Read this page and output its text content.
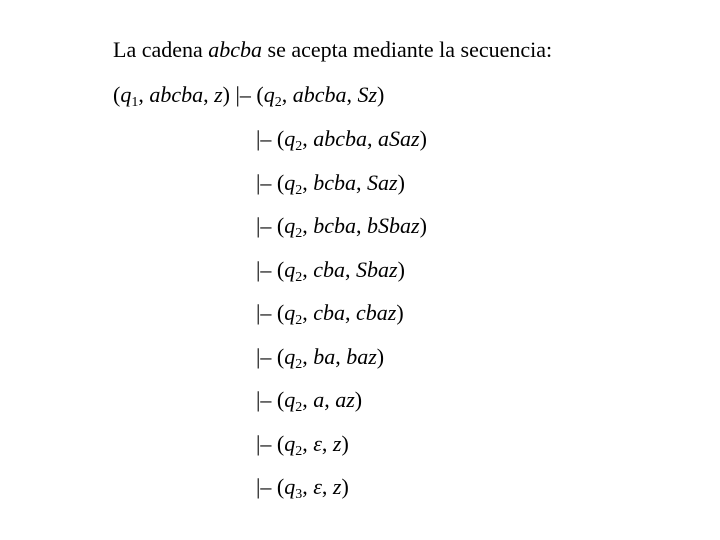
La cadena abcba se acepta mediante la secuencia:
($q_1$, abcba, z) |– ($q_2$, abcba, Sz)
|– ($q_2$, abcba, aSaz)
|– ($q_2$, bcba, Saz)
|– ($q_2$, bcba, bSbaz)
|– ($q_2$, cba, Sbaz)
|– ($q_2$, cba, cbaz)
|– ($q_2$, ba, baz)
|– ($q_2$, a, az)
|– ($q_2$, ε, z)
|– ($q_3$, ε, z)
